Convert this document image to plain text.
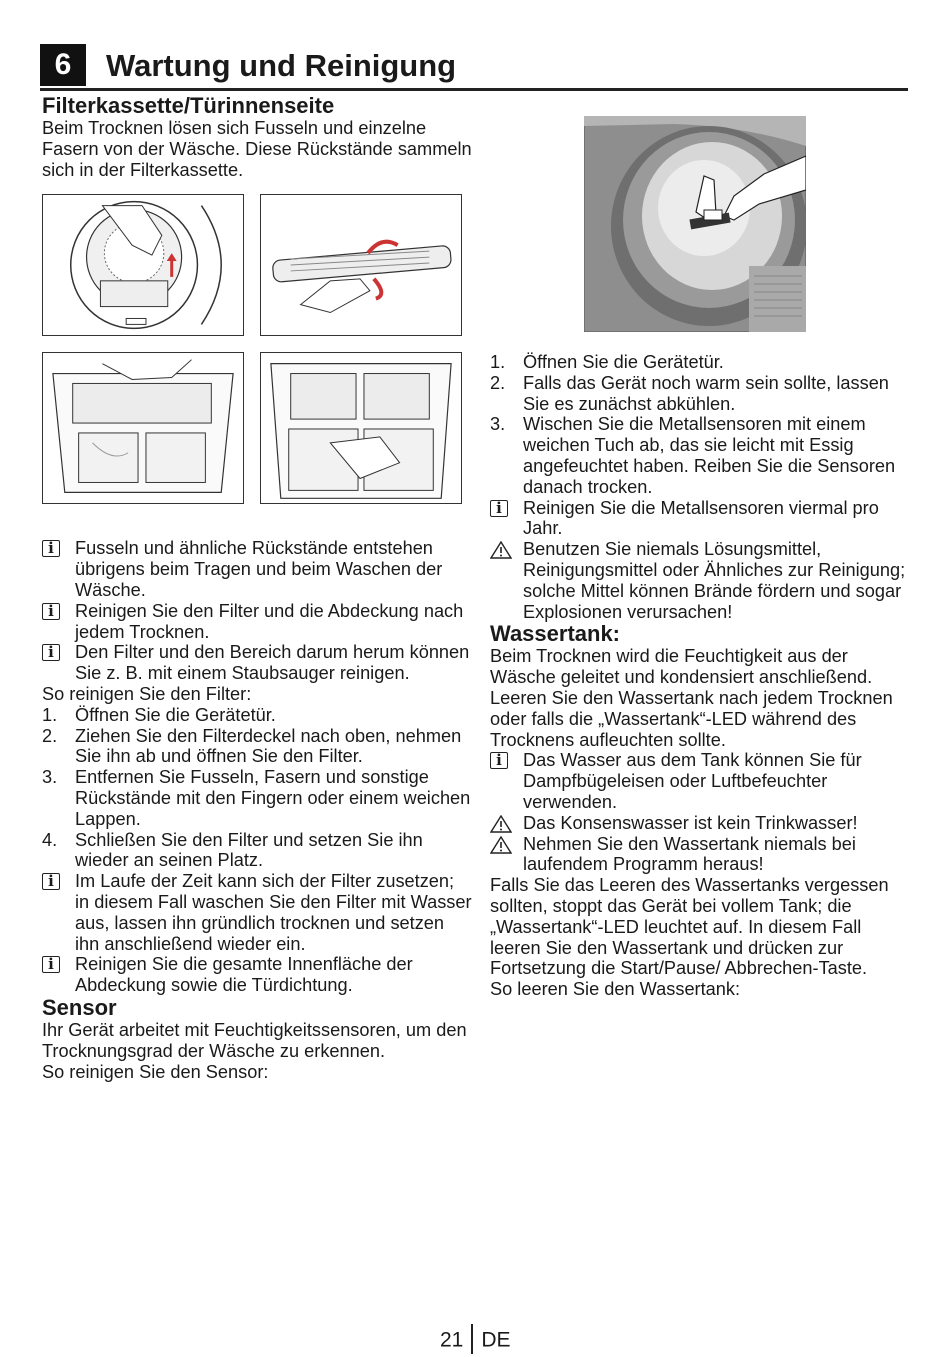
6	Wartung und Reinigung
Filterkassette/Türinnenseite

Beim Trocknen lösen sich Fusseln und einzelne Fasern von der Wäsche. Diese Rückstände sammeln sich in der Filterkassette.

i
Fusseln und ähnliche Rückstände entstehen übrigens beim Tragen und beim Waschen der Wäsche.
i
Reinigen Sie den Filter und die Abdeckung nach jedem Trocknen.
i
Den Filter und den Bereich darum herum können Sie z. B. mit einem Staubsauger reinigen.

So reinigen Sie den Filter:

1. Öffnen Sie die Gerätetür.
2. Ziehen Sie den Filterdeckel nach oben, nehmen Sie ihn ab und öffnen Sie den Filter.
3. Entfernen Sie Fusseln, Fasern und sonstige Rückstände mit den Fingern oder einem weichen Lappen.
4. Schließen Sie den Filter und setzen Sie ihn wieder an seinen Platz.
i
Im Laufe der Zeit kann sich der Filter zusetzen; in diesem Fall waschen Sie den Filter mit Wasser aus, lassen ihn gründlich trocknen und setzen ihn anschließend wieder ein.
i
Reinigen Sie die gesamte Innenfläche der Abdeckung sowie die Türdichtung.
Sensor

Ihr Gerät arbeitet mit Feuchtigkeitssensoren, um den Trocknungsgrad der Wäsche zu erkennen.

So reinigen Sie den Sensor:

1. Öffnen Sie die Gerätetür.
2. Falls das Gerät noch warm sein sollte, lassen Sie es zunächst abkühlen.
3. Wischen Sie die Metallsensoren mit einem weichen Tuch ab, das sie leicht mit Essig angefeuchtet haben. Reiben Sie die Sensoren danach trocken.
i
Reinigen Sie die Metallsensoren viermal pro Jahr.
Benutzen Sie niemals Lösungsmittel, Reinigungsmittel oder Ähnliches zur Reinigung; solche Mittel können Brände fördern und sogar Explosionen verursachen!
Wassertank:

Beim Trocknen wird die Feuchtigkeit aus der Wäsche geleitet und kondensiert anschließend. Leeren Sie den Wassertank nach jedem Trocknen oder falls die „Wassertank“-LED während des Trocknens aufleuchten sollte.

i
Das Wasser aus dem Tank können Sie für Dampfbügeleisen oder Luftbefeuchter verwenden.
Das Konsenswasser ist kein Trinkwasser!
Nehmen Sie den Wassertank niemals bei laufendem Programm heraus!

Falls Sie das Leeren des Wassertanks vergessen sollten, stoppt das Gerät bei vollem Tank; die „Wassertank“-LED leuchtet auf. In diesem Fall leeren Sie den Wassertank und drücken zur Fortsetzung die Start/Pause/ Abbrechen-Taste.

So leeren Sie den Wassertank:

21 DE
